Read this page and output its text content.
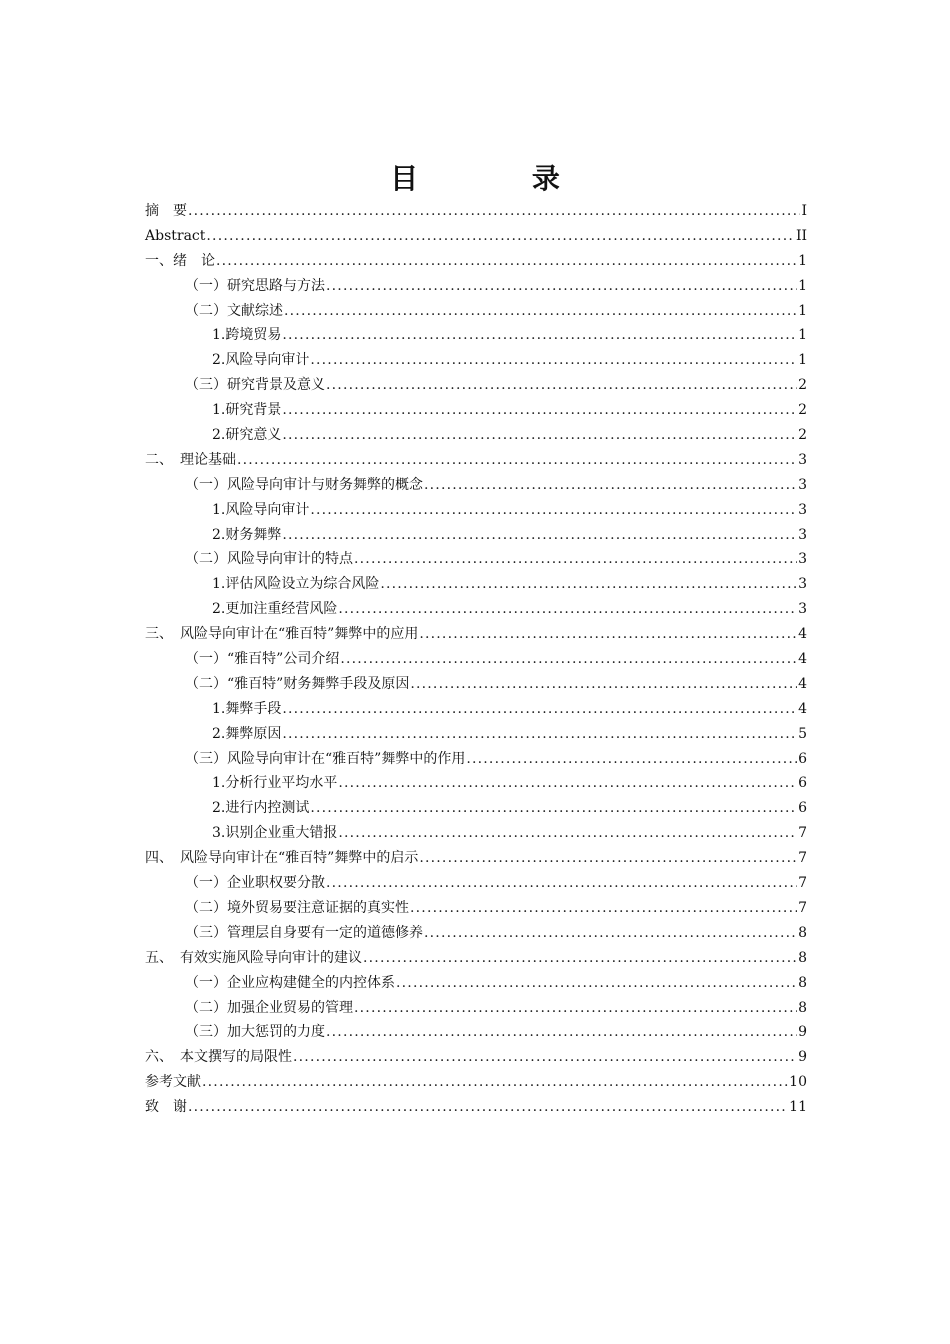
目 录
摘　要 .....	I
Abstract .....	II
一、绪　论 .....	1
（一）研究思路与方法 .....	1
（二）文献综述 .....	1
1.跨境贸易 .....	1
2.风险导向审计 .....	1
（三）研究背景及意义 .....	2
1.研究背景 .....	2
2.研究意义 .....	2
二、　理论基础 .....	3
（一）风险导向审计与财务舞弊的概念 .....	3
1.风险导向审计 .....	3
2.财务舞弊 .....	3
（二）风险导向审计的特点 .....	3
1.评估风险设立为综合风险 .....	3
2.更加注重经营风险 .....	3
三、　风险导向审计在“雅百特”舞弊中的应用 .....	4
（一）“雅百特”公司介绍 .....	4
（二）“雅百特”财务舞弊手段及原因 .....	4
1.舞弊手段 .....	4
2.舞弊原因 .....	5
（三）风险导向审计在“雅百特”舞弊中的作用 .....	6
1.分析行业平均水平 .....	6
2.进行内控测试 .....	6
3.识别企业重大错报 .....	7
四、　风险导向审计在“雅百特”舞弊中的启示 .....	7
（一）企业职权要分散 .....	7
（二）境外贸易要注意证据的真实性 .....	7
（三）管理层自身要有一定的道德修养 .....	8
五、　有效实施风险导向审计的建议 .....	8
（一）企业应构建健全的内控体系 .....	8
（二）加强企业贸易的管理 .....	8
（三）加大惩罚的力度 .....	9
六、　本文撰写的局限性 .....	9
参考文献 .....	10
致　谢 .....	11
